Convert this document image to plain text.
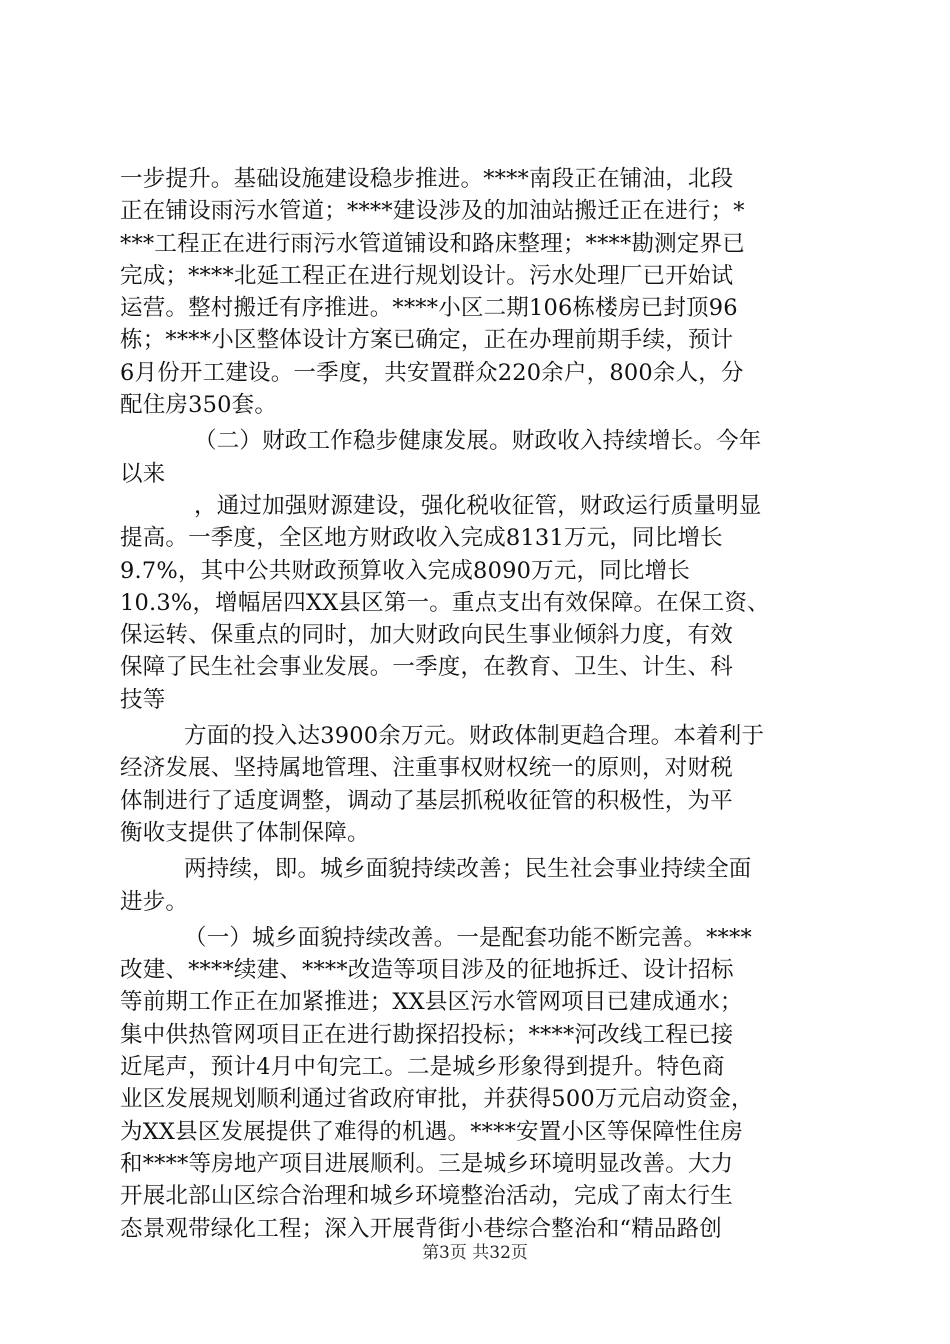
一步提升。基础设施建设稳步推进。****南段正在铺油，北段
正在铺设雨污水管道；****建设涉及的加油站搬迁正在进行；*
***工程正在进行雨污水管道铺设和路床整理；****勘测定界已
完成；****北延工程正在进行规划设计。污水处理厂已开始试
运营。整村搬迁有序推进。****小区二期106栋楼房已封顶96
栋；****小区整体设计方案已确定，正在办理前期手续，预计
6月份开工建设。一季度，共安置群众220余户，800余人，分
配住房350套。
（二）财政工作稳步健康发展。财政收入持续增长。今年
以来
，通过加强财源建设，强化税收征管，财政运行质量明显
提高。一季度，全区地方财政收入完成8131万元，同比增长
9.7%，其中公共财政预算收入完成8090万元，同比增长
10.3%，增幅居四XX县区第一。重点支出有效保障。在保工资、
保运转、保重点的同时，加大财政向民生事业倾斜力度，有效
保障了民生社会事业发展。一季度，在教育、卫生、计生、科
技等
方面的投入达3900余万元。财政体制更趋合理。本着利于
经济发展、坚持属地管理、注重事权财权统一的原则，对财税
体制进行了适度调整，调动了基层抓税收征管的积极性，为平
衡收支提供了体制保障。
两持续，即。城乡面貌持续改善；民生社会事业持续全面
进步。
（一）城乡面貌持续改善。一是配套功能不断完善。****
改建、****续建、****改造等项目涉及的征地拆迁、设计招标
等前期工作正在加紧推进；XX县区污水管网项目已建成通水；
集中供热管网项目正在进行勘探招投标；****河改线工程已接
近尾声，预计4月中旬完工。二是城乡形象得到提升。特色商
业区发展规划顺利通过省政府审批，并获得500万元启动资金，
为XX县区发展提供了难得的机遇。****安置小区等保障性住房
和****等房地产项目进展顺利。三是城乡环境明显改善。大力
开展北部山区综合治理和城乡环境整治活动，完成了南太行生
态景观带绿化工程；深入开展背街小巷综合整治和“精品路创
第3页 共32页
